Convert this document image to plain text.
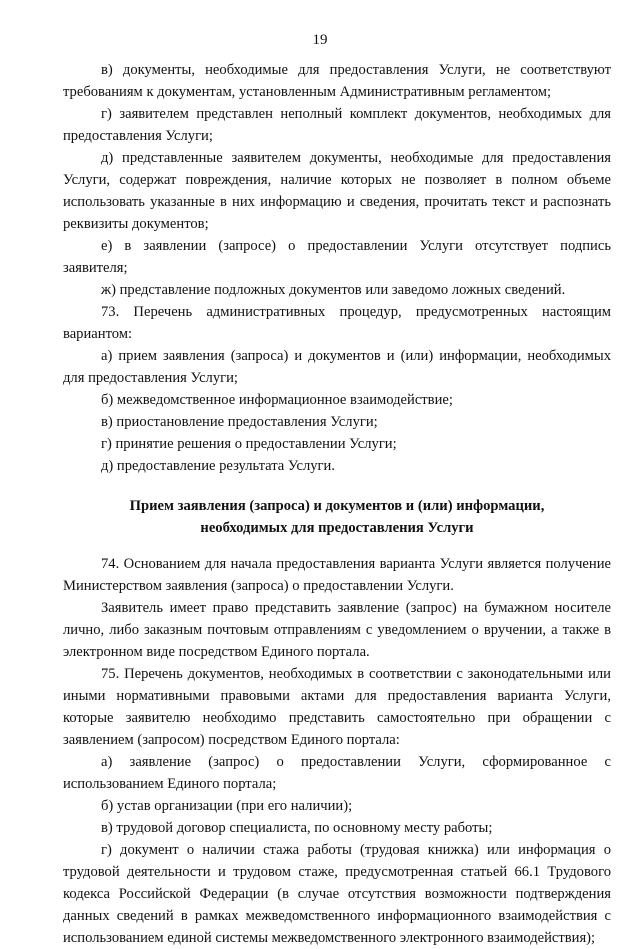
19

в) документы, необходимые для предоставления Услуги, не соответствуют требованиям к документам, установленным Административным регламентом;

г) заявителем представлен неполный комплект документов, необходимых для предоставления Услуги;

д) представленные заявителем документы, необходимые для предоставления Услуги, содержат повреждения, наличие которых не позволяет в полном объеме использовать указанные в них информацию и сведения, прочитать текст и распознать реквизиты документов;

е) в заявлении (запросе) о предоставлении Услуги отсутствует подпись заявителя;

ж) представление подложных документов или заведомо ложных сведений.

73. Перечень административных процедур, предусмотренных настоящим вариантом:

а) прием заявления (запроса) и документов и (или) информации, необходимых для предоставления Услуги;

б) межведомственное информационное взаимодействие;

в) приостановление предоставления Услуги;

г) принятие решения о предоставлении Услуги;

д) предоставление результата Услуги.

Прием заявления (запроса) и документов и (или) информации,
необходимых для предоставления Услуги

74. Основанием для начала предоставления варианта Услуги является получение Министерством заявления (запроса) о предоставлении Услуги.

Заявитель имеет право представить заявление (запрос) на бумажном носителе лично, либо заказным почтовым отправлениям с уведомлением о вручении, а также в электронном виде посредством Единого портала.

75. Перечень документов, необходимых в соответствии с законодательными или иными нормативными правовыми актами для предоставления варианта Услуги, которые заявителю необходимо представить самостоятельно при обращении с заявлением (запросом) посредством Единого портала:

а) заявление (запрос) о предоставлении Услуги, сформированное с использованием Единого портала;

б) устав организации (при его наличии);

в) трудовой договор специалиста, по основному месту работы;

г) документ о наличии стажа работы (трудовая книжка) или информация о трудовой деятельности и трудовом стаже, предусмотренная статьей 66.1 Трудового кодекса Российской Федерации (в случае отсутствия возможности подтверждения данных сведений в рамках межведомственного информационного взаимодействия с использованием единой системы межведомственного электронного взаимодействия);
